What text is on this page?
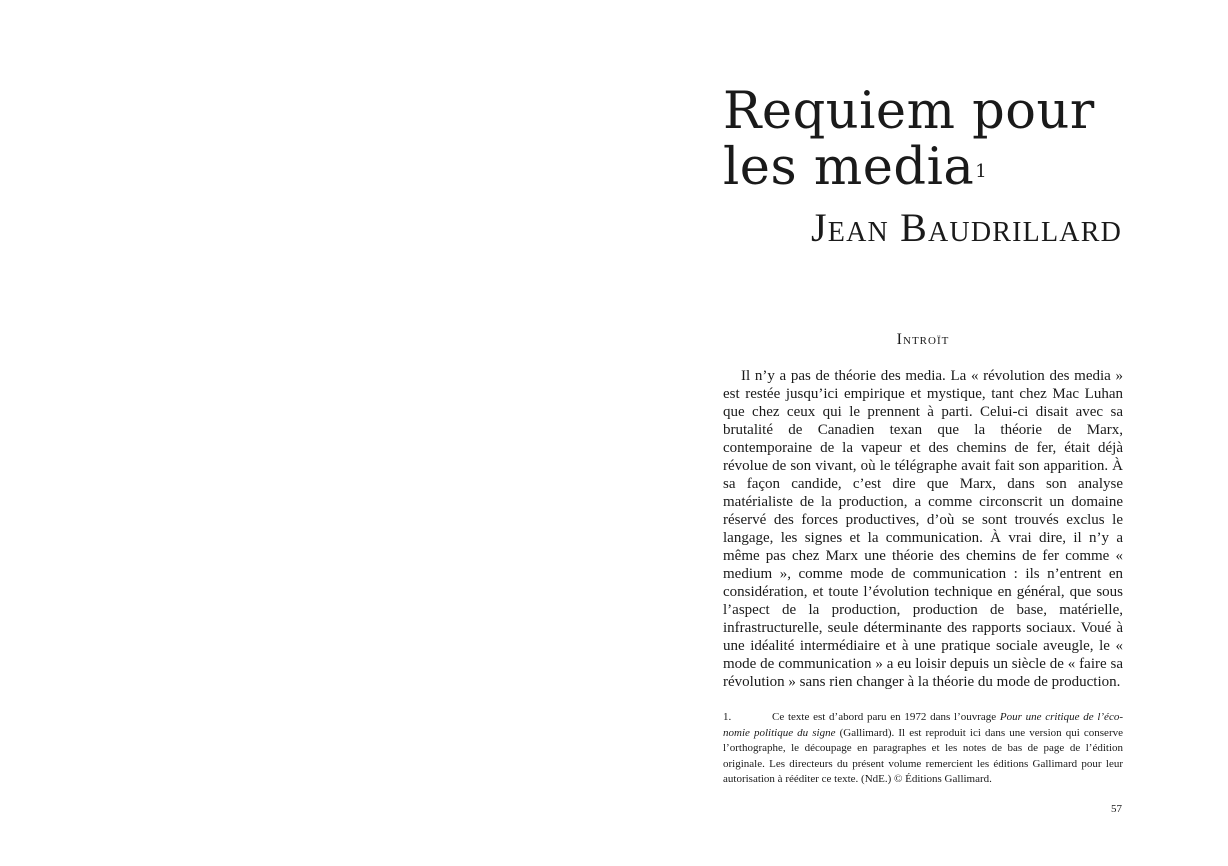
Requiem pour
les media$^1$
Jean Baudrillard
Introït

Il n’y a pas de théorie des media. La « révolution des media » est restée jusqu’ici empirique et mystique, tant chez Mac Luhan que chez ceux qui le prennent à parti. Celui-ci disait avec sa brutalité de Canadien texan que la théorie de Marx, contemporaine de la vapeur et des chemins de fer, était déjà révolue de son vivant, où le télégraphe avait fait son apparition. À sa façon candide, c’est dire que Marx, dans son analyse matérialiste de la production, a comme circonscrit un domaine réservé des forces productives, d’où se sont trouvés exclus le langage, les signes et la communication. À vrai dire, il n’y a même pas chez Marx une théorie des chemins de fer comme « medium », comme mode de communication : ils n’entrent en considération, et toute l’évolution technique en général, que sous l’aspect de la production, production de base, matérielle, infrastructurelle, seule déterminante des rapports sociaux. Voué à une idéalité intermédiaire et à une pratique sociale aveugle, le « mode de communication » a eu loisir depuis un siècle de « faire sa révolution » sans rien changer à la théorie du mode de production.

1.	Ce texte est d’abord paru en 1972 dans l’ouvrage Pour une critique de l’économie politique du signe (Gallimard). Il est reproduit ici dans une version qui conserve l’orthographe, le découpage en paragraphes et les notes de bas de page de l’édition originale. Les directeurs du présent volume remercient les éditions Gallimard pour leur autorisation à rééditer ce texte. (NdE.) © Éditions Gallimard.

57
